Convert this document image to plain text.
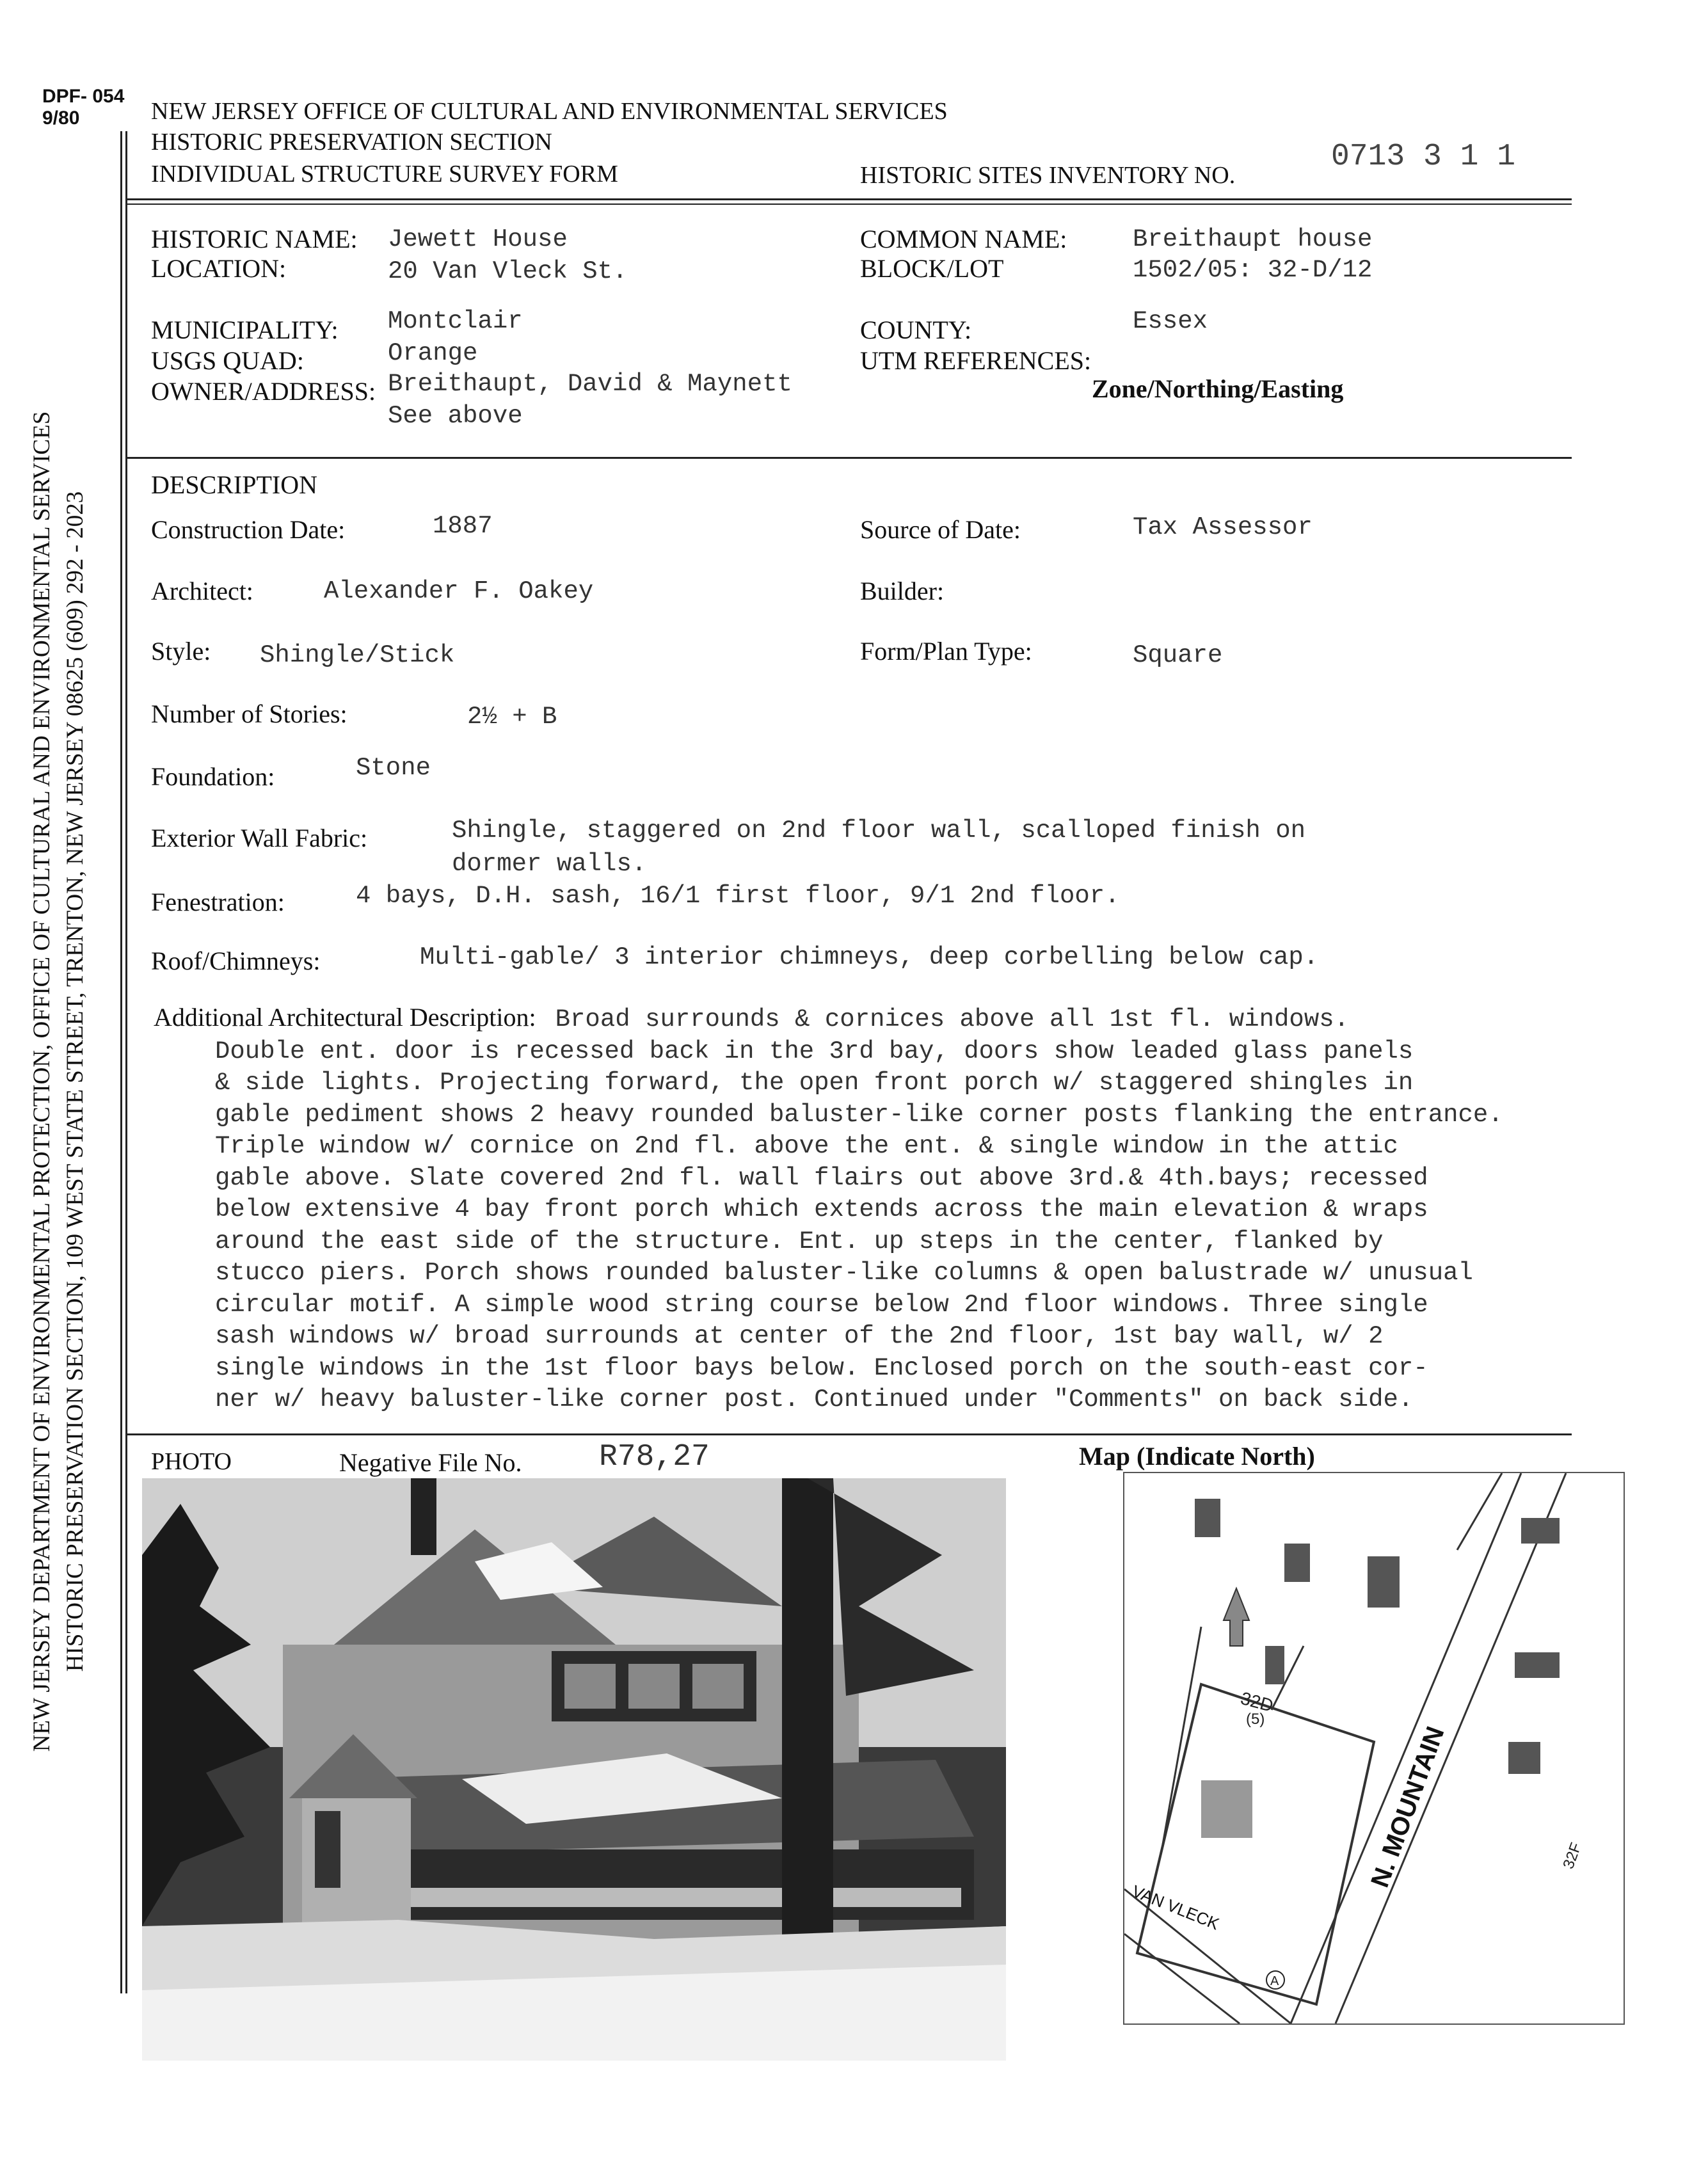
DPF- 054
9/80
NEW JERSEY DEPARTMENT OF ENVIRONMENTAL PROTECTION, OFFICE OF CULTURAL AND ENVIRONMENTAL SERVICES HISTORIC PRESERVATION SECTION, 109 WEST STATE STREET, TRENTON, NEW JERSEY 08625 (609) 292 - 2023
NEW JERSEY OFFICE OF CULTURAL AND ENVIRONMENTAL SERVICES
HISTORIC PRESERVATION SECTION
INDIVIDUAL STRUCTURE SURVEY FORM	HISTORIC SITES INVENTORY NO.
0713 3 1 1
HISTORIC NAME: Jewett House
LOCATION:	20 Van Vleck St.
COMMON NAME:	Breithaupt house
BLOCK/LOT	1502/05: 32-D/12
MUNICIPALITY: Montclair
USGS QUAD:	Orange
OWNER/ADDRESS: Breithaupt, David & Maynett
See above
COUNTY:	Essex
UTM REFERENCES:
Zone/Northing/Easting
DESCRIPTION
Construction Date:	1887	Source of Date:	Tax Assessor
Architect:	Alexander F. Oakey	Builder:
Style: Shingle/Stick	Form/Plan Type:	Square
Number of Stories:	2½ + B
Foundation:	Stone
Exterior Wall Fabric:	Shingle, staggered on 2nd floor wall, scalloped finish on
dormer walls.
Fenestration:	4 bays, D.H. sash, 16/1 first floor, 9/1 2nd floor.
Roof/Chimneys:	Multi-gable/ 3 interior chimneys, deep corbelling below cap.
Additional Architectural Description: Broad surrounds & cornices above all 1st fl. windows.
Double ent. door is recessed back in the 3rd bay, doors show leaded glass panels
& side lights. Projecting forward, the open front porch w/ staggered shingles in
gable pediment shows 2 heavy rounded baluster-like corner posts flanking the entrance.
Triple window w/ cornice on 2nd fl. above the ent. & single window in the attic
gable above. Slate covered 2nd fl. wall flairs out above 3rd.& 4th.bays; recessed
below extensive 4 bay front porch which extends across the main elevation & wraps
around the east side of the structure. Ent. up steps in the center, flanked by
stucco piers. Porch shows rounded baluster-like columns & open balustrade w/ unusual
circular motif. A simple wood string course below 2nd floor windows. Three single
sash windows w/ broad surrounds at center of the 2nd floor, 1st bay wall, w/ 2
single windows in the 1st floor bays below. Enclosed porch on the south-east cor-
ner w/ heavy baluster-like corner post. Continued under "Comments" on back side.
PHOTO	Negative File No.	R78,27	Map (Indicate North)
32D
(5)
N. MOUNTAIN
VAN VLECK
32F
A
